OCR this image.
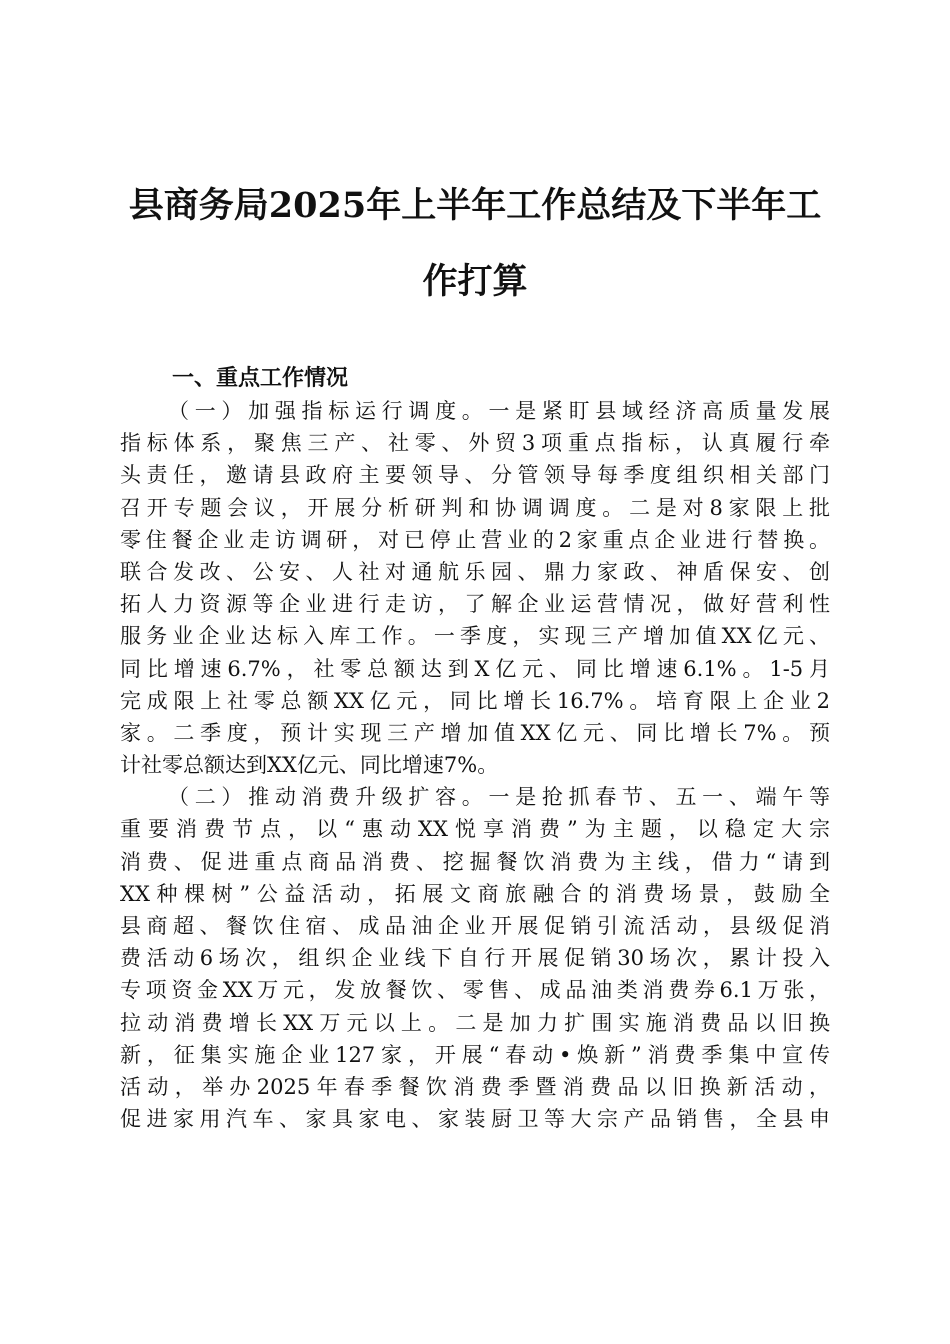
县商务局2025年上半年工作总结及下半年工
作打算

一、重点工作情况

（一）加强指标运行调度。一是紧盯县域经济高质量发展
指标体系，聚焦三产、社零、外贸3项重点指标，认真履行牵
头责任，邀请县政府主要领导、分管领导每季度组织相关部门
召开专题会议，开展分析研判和协调调度。二是对8家限上批
零住餐企业走访调研，对已停止营业的2家重点企业进行替换。
联合发改、公安、人社对通航乐园、鼎力家政、神盾保安、创
拓人力资源等企业进行走访，了解企业运营情况，做好营利性
服务业企业达标入库工作。一季度，实现三产增加值XX亿元、
同比增速6.7%，社零总额达到X亿元、同比增速6.1%。1-5月
完成限上社零总额XX亿元，同比增长16.7%。培育限上企业2
家。二季度，预计实现三产增加值XX亿元、同比增长7%。预
计社零总额达到XX亿元、同比增速7%。
（二）推动消费升级扩容。一是抢抓春节、五一、端午等
重要消费节点，以“惠动XX悦享消费”为主题，以稳定大宗
消费、促进重点商品消费、挖掘餐饮消费为主线，借力“请到
XX种棵树”公益活动，拓展文商旅融合的消费场景，鼓励全
县商超、餐饮住宿、成品油企业开展促销引流活动，县级促消
费活动6场次，组织企业线下自行开展促销30场次，累计投入
专项资金XX万元，发放餐饮、零售、成品油类消费券6.1万张，
拉动消费增长XX万元以上。二是加力扩围实施消费品以旧换
新，征集实施企业127家，开展“春动•焕新”消费季集中宣传
活动，举办2025年春季餐饮消费季暨消费品以旧换新活动，
促进家用汽车、家具家电、家装厨卫等大宗产品销售，全县申
